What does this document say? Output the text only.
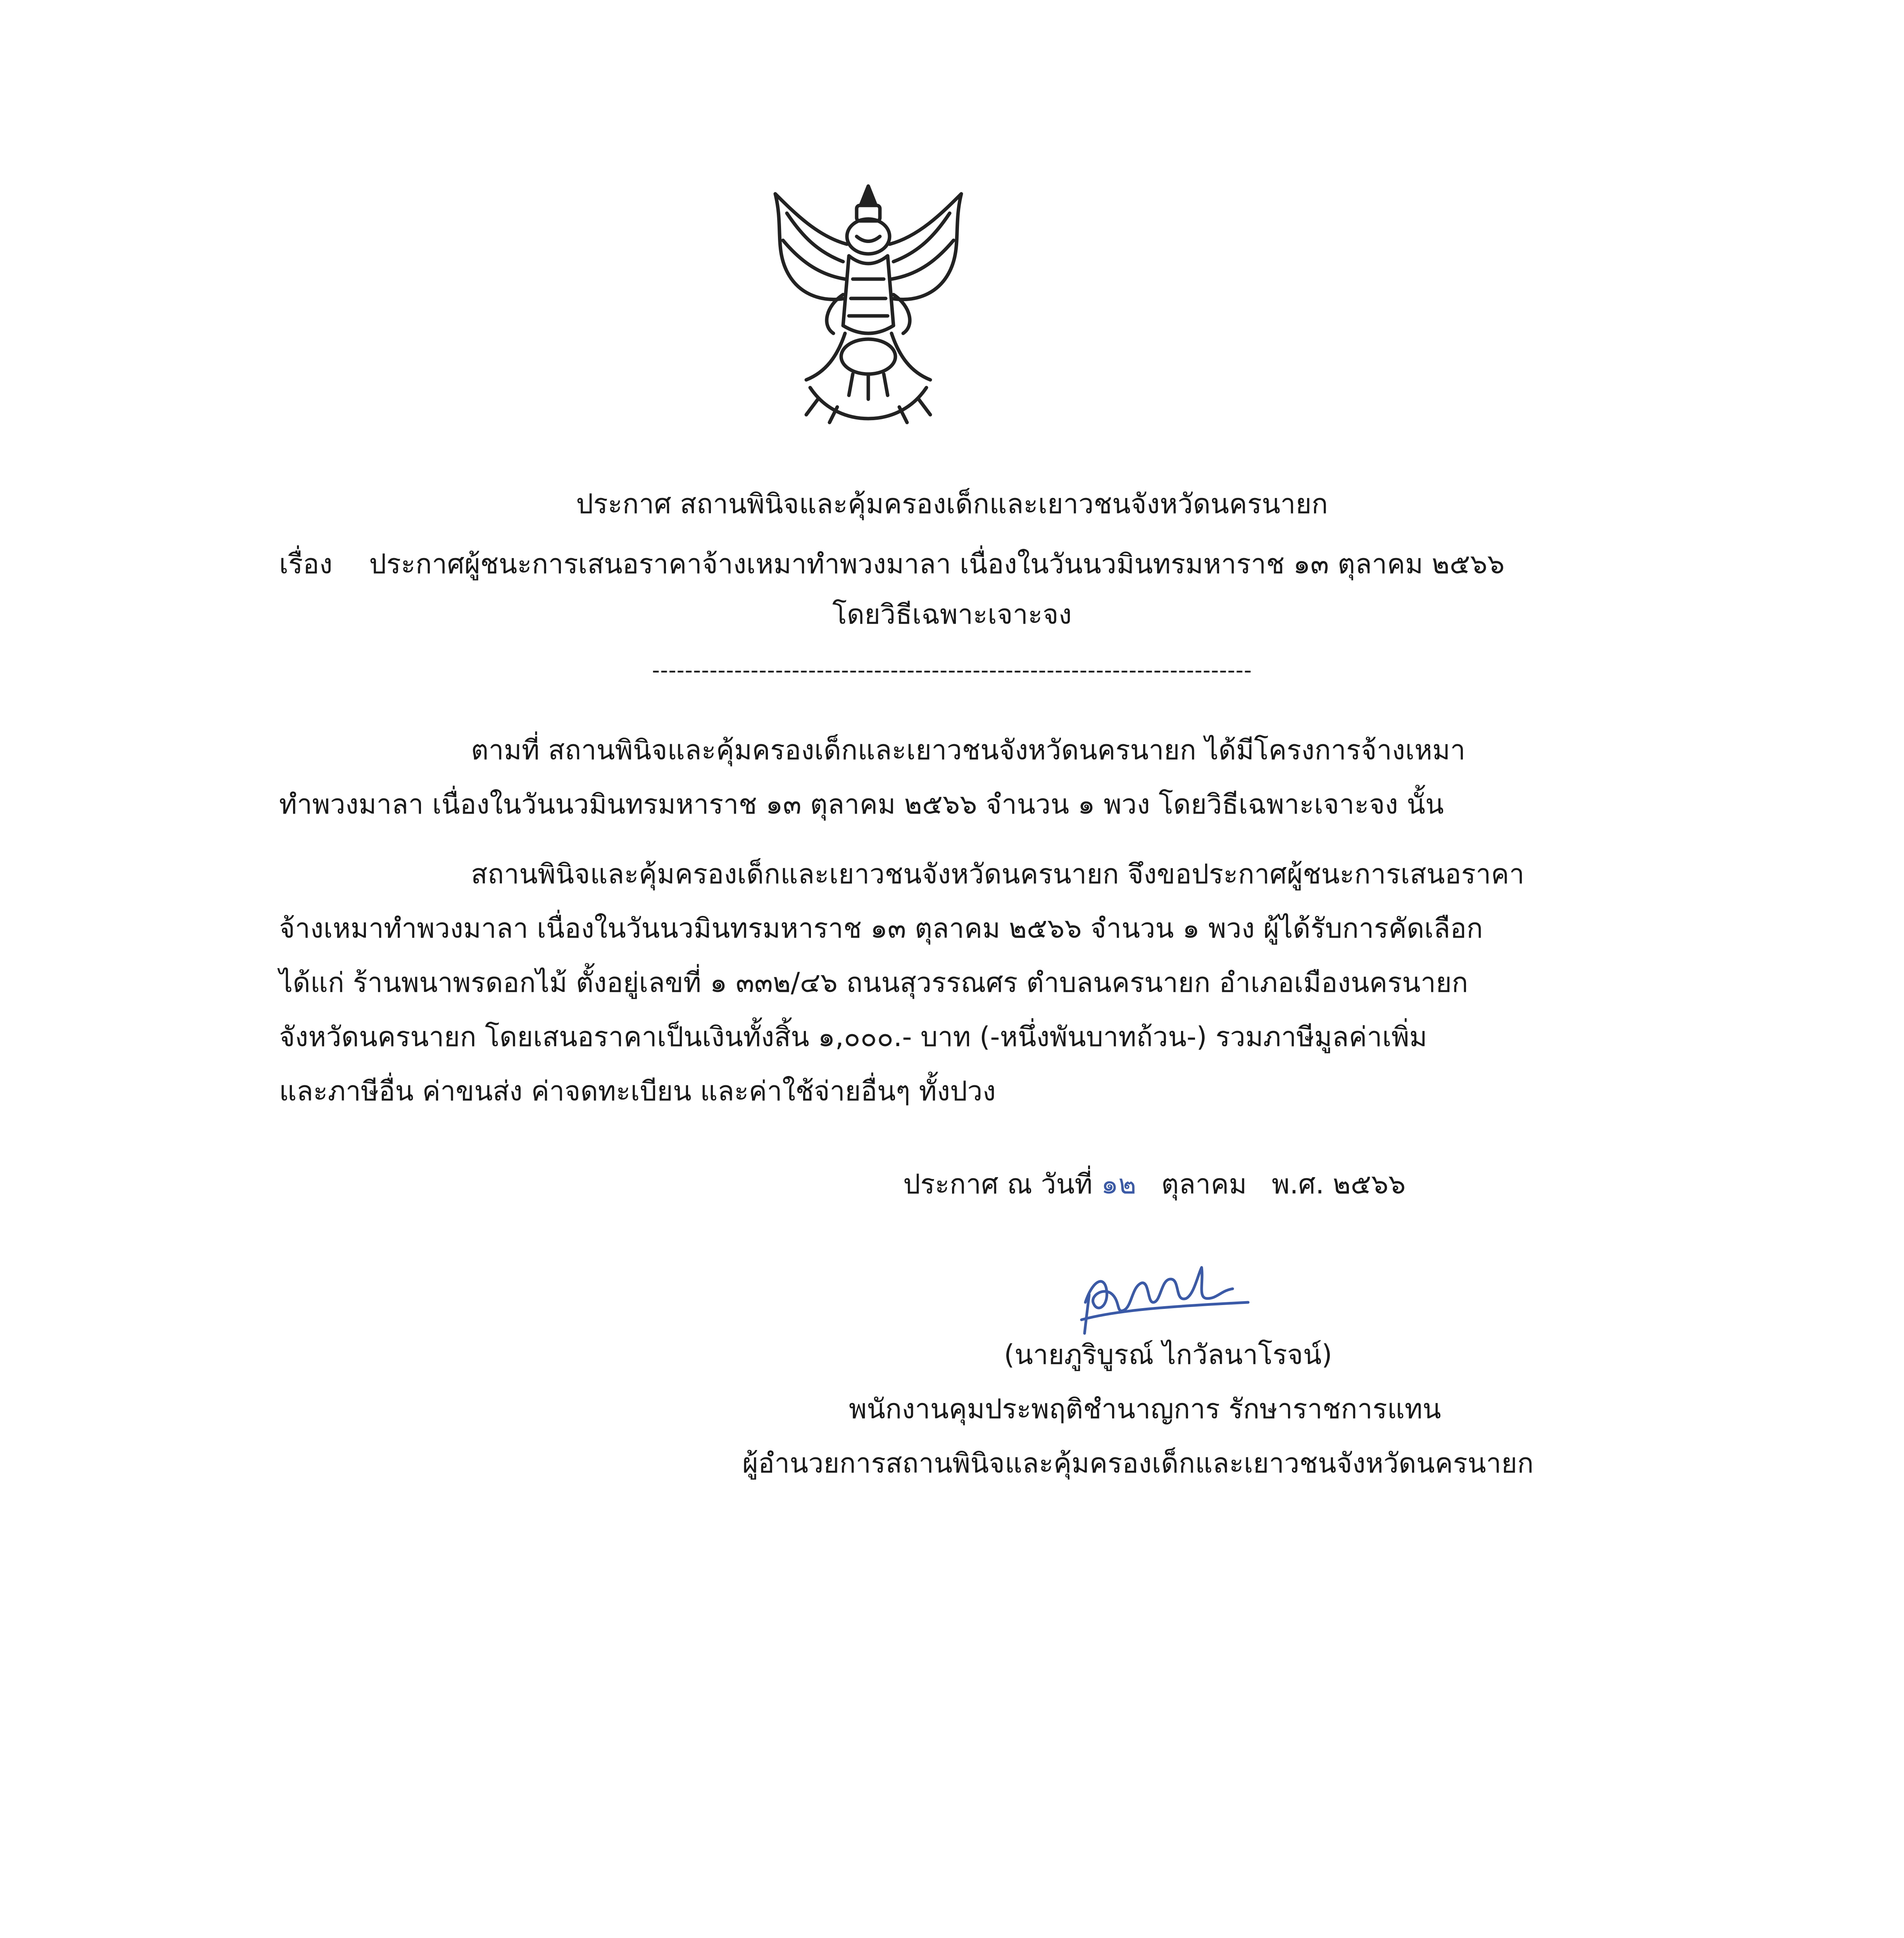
ประกาศ สถานพินิจและคุ้มครองเด็กและเยาวชนจังหวัดนครนายก
เรื่อง ประกาศผู้ชนะการเสนอราคาจ้างเหมาทำพวงมาลา เนื่องในวันนวมินทรมหาราช ๑๓ ตุลาคม ๒๕๖๖
โดยวิธีเฉพาะเจาะจง
-------------------------------------------------------------------------
ตามที่ สถานพินิจและคุ้มครองเด็กและเยาวชนจังหวัดนครนายก ได้มีโครงการจ้างเหมา
ทำพวงมาลา เนื่องในวันนวมินทรมหาราช ๑๓ ตุลาคม ๒๕๖๖ จำนวน ๑ พวง โดยวิธีเฉพาะเจาะจง นั้น
สถานพินิจและคุ้มครองเด็กและเยาวชนจังหวัดนครนายก จึงขอประกาศผู้ชนะการเสนอราคา
จ้างเหมาทำพวงมาลา เนื่องในวันนวมินทรมหาราช ๑๓ ตุลาคม ๒๕๖๖ จำนวน ๑ พวง ผู้ได้รับการคัดเลือก
ได้แก่ ร้านพนาพรดอกไม้ ตั้งอยู่เลขที่ ๑ ๓๓๒/๔๖ ถนนสุวรรณศร ตำบลนครนายก อำเภอเมืองนครนายก
จังหวัดนครนายก โดยเสนอราคาเป็นเงินทั้งสิ้น ๑,๐๐๐.- บาท (-หนึ่งพันบาทถ้วน-) รวมภาษีมูลค่าเพิ่ม
และภาษีอื่น ค่าขนส่ง ค่าจดทะเบียน และค่าใช้จ่ายอื่นๆ ทั้งปวง
ประกาศ ณ วันที่ ๑๒ ตุลาคม พ.ศ. ๒๕๖๖
(นายภูริบูรณ์ ไกวัลนาโรจน์)
พนักงานคุมประพฤติชำนาญการ รักษาราชการแทน
ผู้อำนวยการสถานพินิจและคุ้มครองเด็กและเยาวชนจังหวัดนครนายก
